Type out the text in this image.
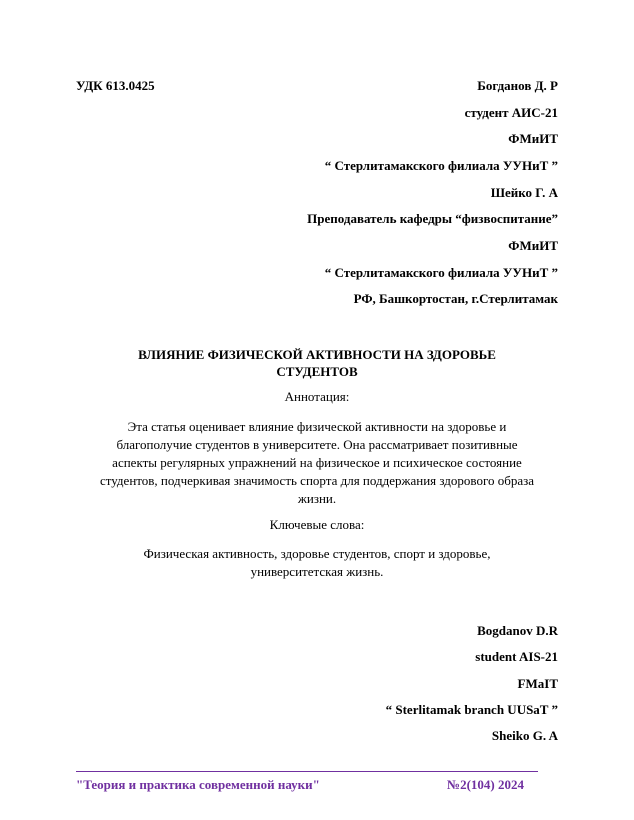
УДК 613.0425	Богданов Д. Р
студент АИС-21
ФМиИТ
“ Стерлитамакского филиала УУНиТ ”
Шейко Г. А
Преподаватель кафедры “физвоспитание”
ФМиИТ
“ Стерлитамакского филиала УУНиТ ”
РФ, Башкортостан, г.Стерлитамак
ВЛИЯНИЕ ФИЗИЧЕСКОЙ АКТИВНОСТИ НА ЗДОРОВЬЕ
СТУДЕНТОВ
Аннотация:
Эта статья оценивает влияние физической активности на здоровье и
благополучие студентов в университете. Она рассматривает позитивные
аспекты регулярных упражнений на физическое и психическое состояние
студентов, подчеркивая значимость спорта для поддержания здорового образа
жизни.
Ключевые слова:
Физическая активность, здоровье студентов, спорт и здоровье,
университетская жизнь.
Bogdanov D.R
student AIS-21
FMaIT
“ Sterlitamak branch UUSaT ”
Sheiko G. A
"Теория и практика современной науки"	№2(104) 2024
